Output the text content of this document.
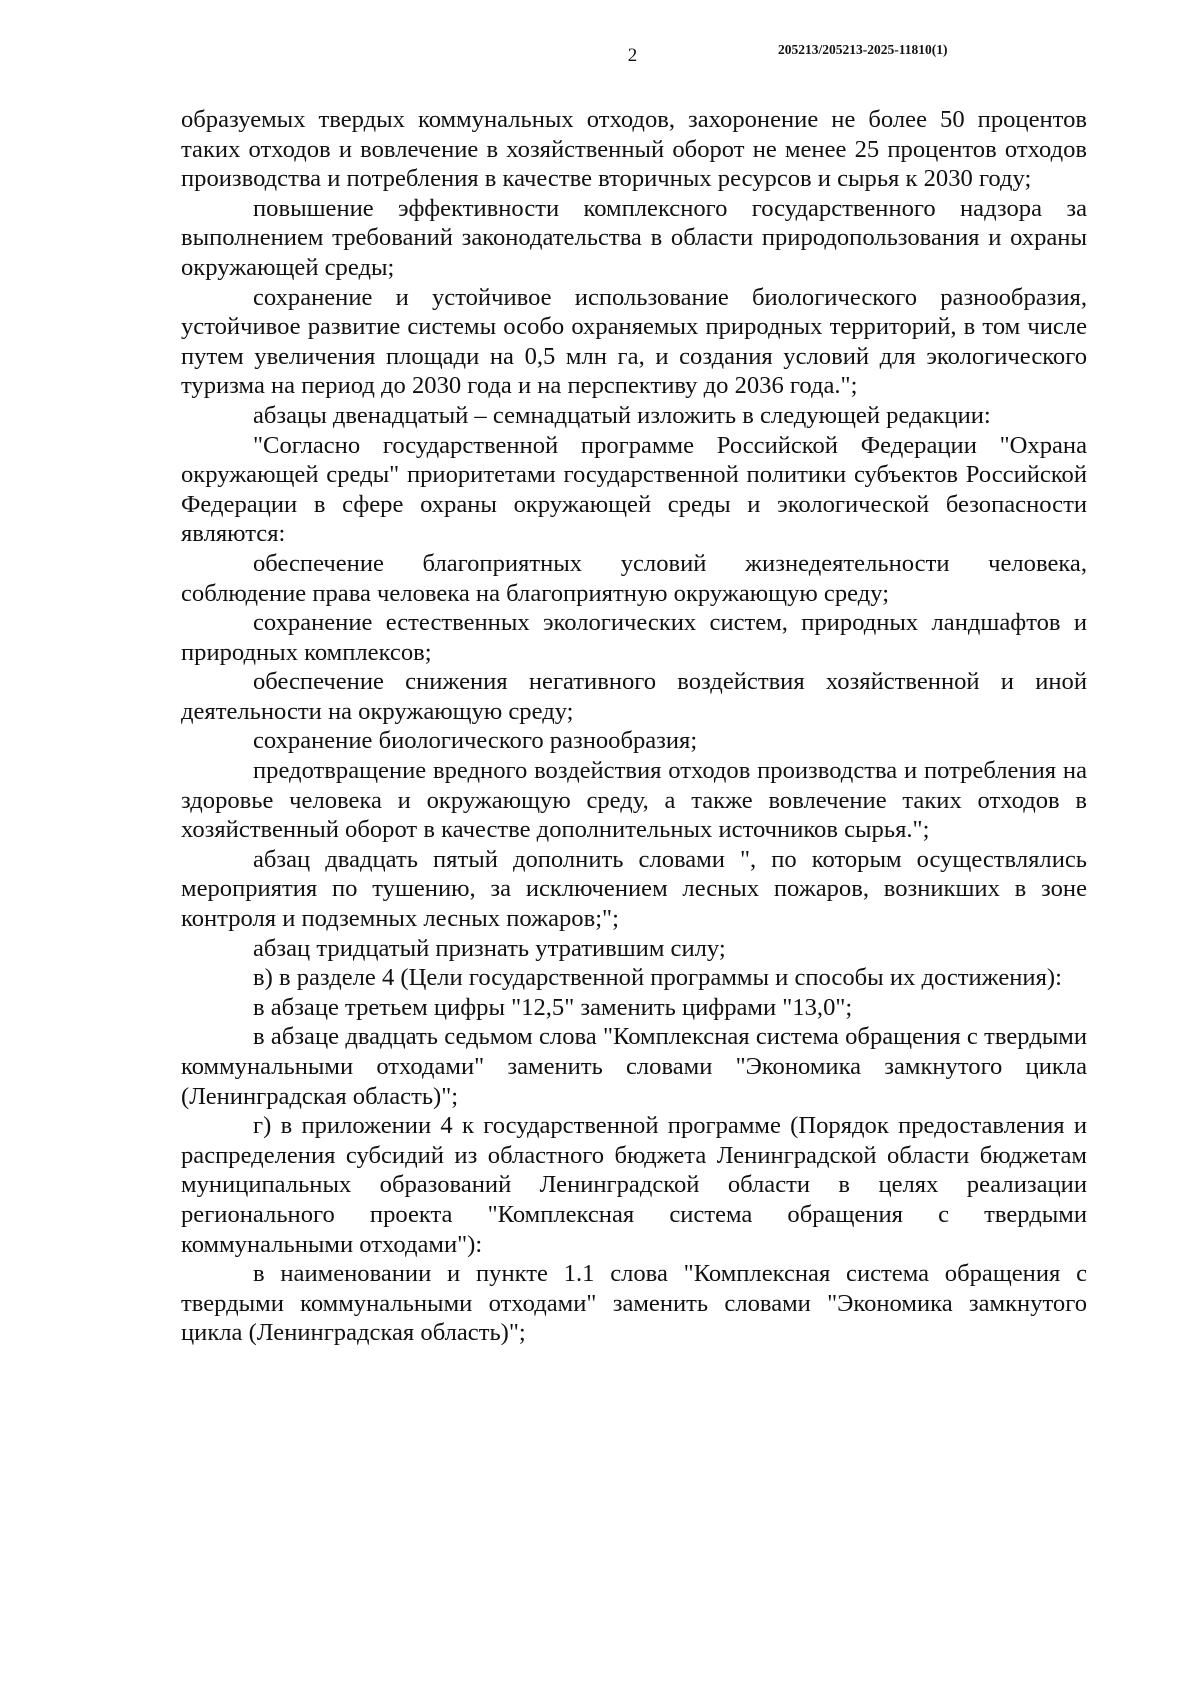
2	205213/205213-2025-11810(1)

образуемых твердых коммунальных отходов, захоронение не более 50 процентов таких отходов и вовлечение в хозяйственный оборот не менее 25 процентов отходов производства и потребления в качестве вторичных ресурсов и сырья к 2030 году;

повышение эффективности комплексного государственного надзора за выполнением требований законодательства в области природопользования и охраны окружающей среды;

сохранение и устойчивое использование биологического разнообразия, устойчивое развитие системы особо охраняемых природных территорий, в том числе путем увеличения площади на 0,5 млн га, и создания условий для экологического туризма на период до 2030 года и на перспективу до 2036 года.";

абзацы двенадцатый – семнадцатый изложить в следующей редакции:

"Согласно государственной программе Российской Федерации "Охрана окружающей среды" приоритетами государственной политики субъектов Российской Федерации в сфере охраны окружающей среды и экологической безопасности являются:

обеспечение благоприятных условий жизнедеятельности человека, соблюдение права человека на благоприятную окружающую среду;

сохранение естественных экологических систем, природных ландшафтов и природных комплексов;

обеспечение снижения негативного воздействия хозяйственной и иной деятельности на окружающую среду;

сохранение биологического разнообразия;

предотвращение вредного воздействия отходов производства и потребления на здоровье человека и окружающую среду, а также вовлечение таких отходов в хозяйственный оборот в качестве дополнительных источников сырья.";

абзац двадцать пятый дополнить словами ", по которым осуществлялись мероприятия по тушению, за исключением лесных пожаров, возникших в зоне контроля и подземных лесных пожаров;";

абзац тридцатый признать утратившим силу;

в) в разделе 4 (Цели государственной программы и способы их достижения):

в абзаце третьем цифры "12,5" заменить цифрами "13,0";

в абзаце двадцать седьмом слова "Комплексная система обращения с твердыми коммунальными отходами" заменить словами "Экономика замкнутого цикла (Ленинградская область)";

г) в приложении 4 к государственной программе (Порядок предоставления и распределения субсидий из областного бюджета Ленинградской области бюджетам муниципальных образований Ленинградской области в целях реализации регионального проекта "Комплексная система обращения с твердыми коммунальными отходами"):

в наименовании и пункте 1.1 слова "Комплексная система обращения с твердыми коммунальными отходами" заменить словами "Экономика замкнутого цикла (Ленинградская область)";
